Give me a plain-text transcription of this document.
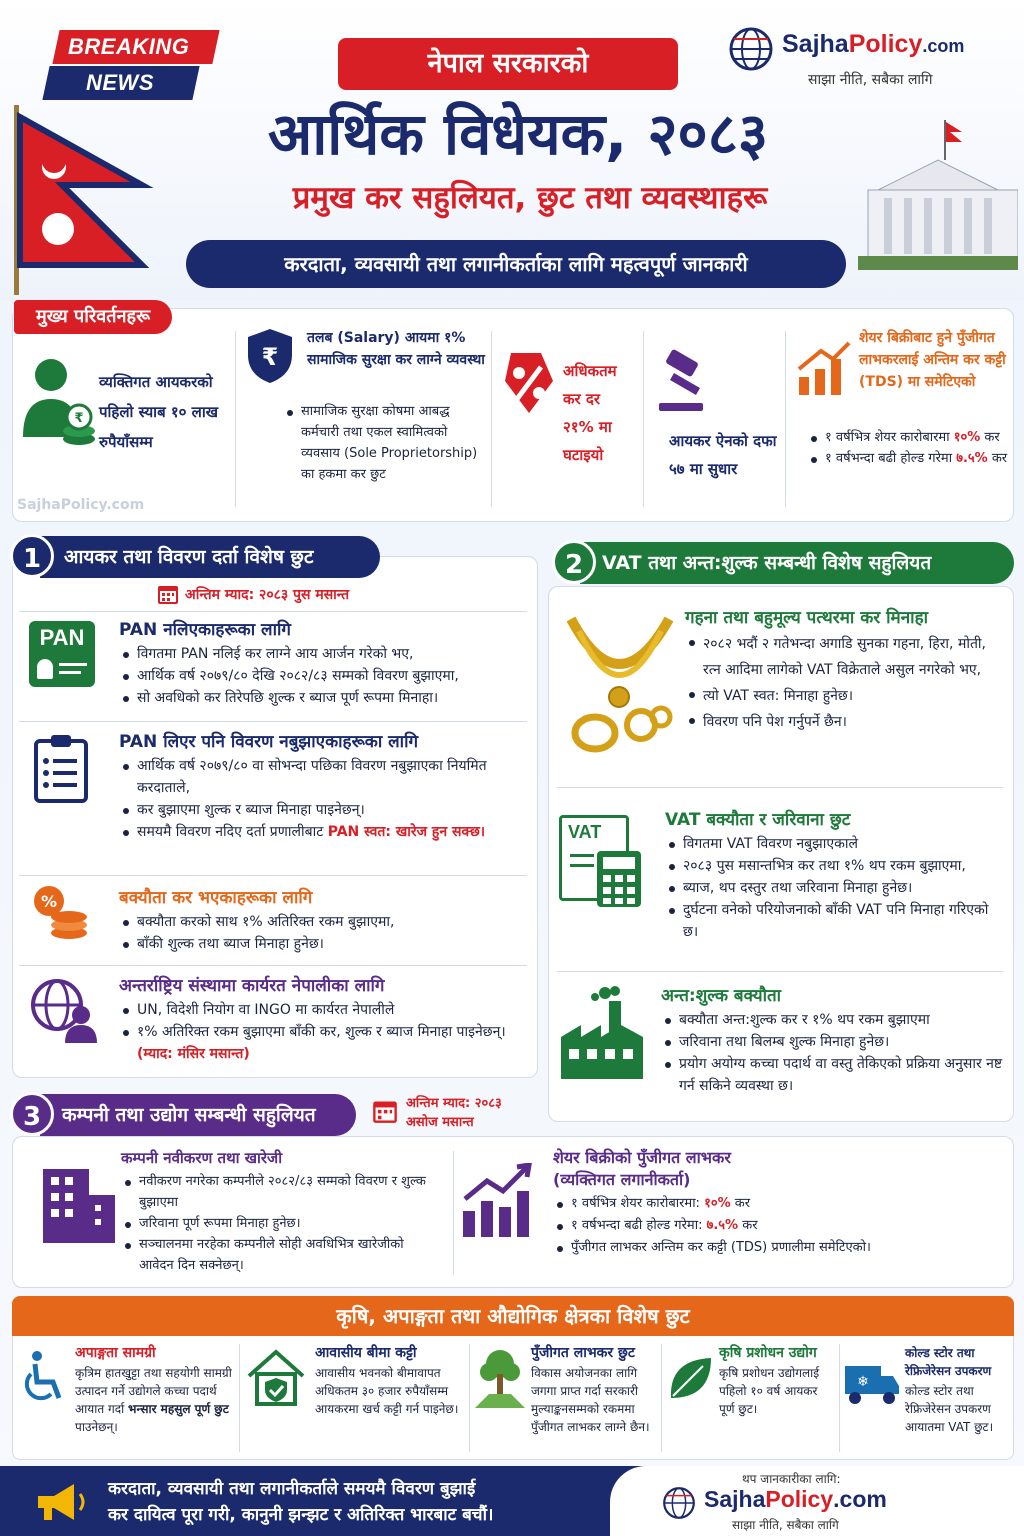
BREAKING
NEWS
नेपाल सरकारको
SajhaPolicy.com
साझा नीति, सबैका लागि
आर्थिक विधेयक, २०८३
प्रमुख कर सहुलियत, छुट तथा व्यवस्थाहरू
करदाता, व्यवसायी तथा लगानीकर्ताका लागि महत्वपूर्ण जानकारी
मुख्य परिवर्तनहरू
₹
व्यक्तिगत आयकरको पहिलो स्याब १० लाख रुपैयाँसम्म
₹
तलब (Salary) आयमा १% सामाजिक सुरक्षा कर लाग्ने व्यवस्था
सामाजिक सुरक्षा कोषमा आबद्ध कर्मचारी तथा एकल स्वामित्वको व्यवसाय (Sole Proprietorship) का हकमा कर छुट
अधिकतम कर दर २१% मा घटाइयो
आयकर ऐनको दफा ५७ मा सुधार
शेयर बिक्रीबाट हुने पुँजीगत लाभकरलाई अन्तिम कर कट्टी (TDS) मा समेटिएको
१ वर्षभित्र शेयर कारोबारमा १०% कर
१ वर्षभन्दा बढी होल्ड गरेमा ७.५% कर
SajhaPolicy.com
1	आयकर तथा विवरण दर्ता विशेष छुट
अन्तिम म्याद: २०८३ पुस मसान्त
PAN	PAN नलिएकाहरूका लागि
विगतमा PAN नलिई कर लाग्ने आय आर्जन गरेको भए,
आर्थिक वर्ष २०७९/८० देखि २०८२/८३ सम्मको विवरण बुझाएमा,
सो अवधिको कर तिरेपछि शुल्क र ब्याज पूर्ण रूपमा मिनाहा।
PAN लिएर पनि विवरण नबुझाएकाहरूका लागि
आर्थिक वर्ष २०७९/८० वा सोभन्दा पछिका विवरण नबुझाएका नियमित करदाताले,
कर बुझाएमा शुल्क र ब्याज मिनाहा पाइनेछन्।
समयमै विवरण नदिए दर्ता प्रणालीबाट PAN स्वत: खारेज हुन सक्छ।
%	बक्यौता कर भएकाहरूका लागि
बक्यौता करको साथ १% अतिरिक्त रकम बुझाएमा,
बाँकी शुल्क तथा ब्याज मिनाहा हुनेछ।
अन्तर्राष्ट्रिय संस्थामा कार्यरत नेपालीका लागि
UN, विदेशी नियोग वा INGO मा कार्यरत नेपालीले
१% अतिरिक्त रकम बुझाएमा बाँकी कर, शुल्क र ब्याज मिनाहा पाइनेछन्। (म्याद: मंसिर मसान्त)
2 VAT तथा अन्त:शुल्क सम्बन्धी विशेष सहुलियत
गहना तथा बहुमूल्य पत्थरमा कर मिनाहा
२०८२ भदौं २ गतेभन्दा अगाडि सुनका गहना, हिरा, मोती, रत्न आदिमा लागेको VAT विक्रेताले असुल नगरेको भए,
त्यो VAT स्वत: मिनाहा हुनेछ।
विवरण पनि पेश गर्नुपर्ने छैन।
VAT
VAT बक्यौता र जरिवाना छुट
विगतमा VAT विवरण नबुझाएकाले
२०८३ पुस मसान्तभित्र कर तथा १% थप रकम बुझाएमा,
ब्याज, थप दस्तुर तथा जरिवाना मिनाहा हुनेछ।
दुर्घटना वनेको परियोजनाको बाँकी VAT पनि मिनाहा गरिएको छ।
अन्त:शुल्क बक्यौता
बक्यौता अन्त:शुल्क कर र १% थप रकम बुझाएमा
जरिवाना तथा बिलम्ब शुल्क मिनाहा हुनेछ।
प्रयोग अयोग्य कच्चा पदार्थ वा वस्तु तेकिएको प्रक्रिया अनुसार नष्ट गर्न सकिने व्यवस्था छ।
3	कम्पनी तथा उद्योग सम्बन्धी सहुलियत
अन्तिम म्याद: २०८३
असोज मसान्त
कम्पनी नवीकरण तथा खारेजी
नवीकरण नगरेका कम्पनीले २०८२/८३ सम्मको विवरण र शुल्क बुझाएमा
जरिवाना पूर्ण रूपमा मिनाहा हुनेछ।
सञ्चालनमा नरहेका कम्पनीले सोही अवधिभित्र खारेजीको आवेदन दिन सक्नेछन्।
शेयर बिक्रीको पुँजीगत लाभकर
(व्यक्तिगत लगानीकर्ता)
१ वर्षभित्र शेयर कारोबारमा: १०% कर
१ वर्षभन्दा बढी होल्ड गरेमा: ७.५% कर
पुँजीगत लाभकर अन्तिम कर कट्टी (TDS) प्रणालीमा समेटिएको।
कृषि, अपाङ्गता तथा औद्योगिक क्षेत्रका विशेष छुट
अपाङ्गता सामग्री
कृत्रिम हातखुट्टा तथा सहयोगी सामग्री उत्पादन गर्ने उद्योगले कच्चा पदार्थ आयात गर्दा भन्सार महसुल पूर्ण छुट पाउनेछन्।
आवासीय बीमा कट्टी
आवासीय भवनको बीमावापत अधिकतम ३० हजार रुपैयाँसम्म आयकरमा खर्च कट्टी गर्न पाइनेछ।
पुँजीगत लाभकर छुट
विकास अयोजनका लागि जगगा प्राप्त गर्दा सरकारी मुल्याङ्कनसम्मको रकममा पुँजीगत लाभकर लाग्ने छैन।
कृषि प्रशोधन उद्योग
कृषि प्रशोधन उद्योगलाई पहिलो १० वर्ष आयकर पूर्ण छुट।
❄
कोल्ड स्टोर तथा रेफ्रिजेरेसन उपकरण
कोल्ड स्टोर तथा रेफ्रिजेरेसन उपकरण आयातमा VAT छुट।
करदाता, व्यवसायी तथा लगानीकर्ताले समयमै विवरण बुझाई
कर दायित्व पूरा गरी, कानुनी झन्झट र अतिरिक्त भारबाट बचौं।
थप जानकारीका लागि:
SajhaPolicy.com
साझा नीति, सबैका लागि
